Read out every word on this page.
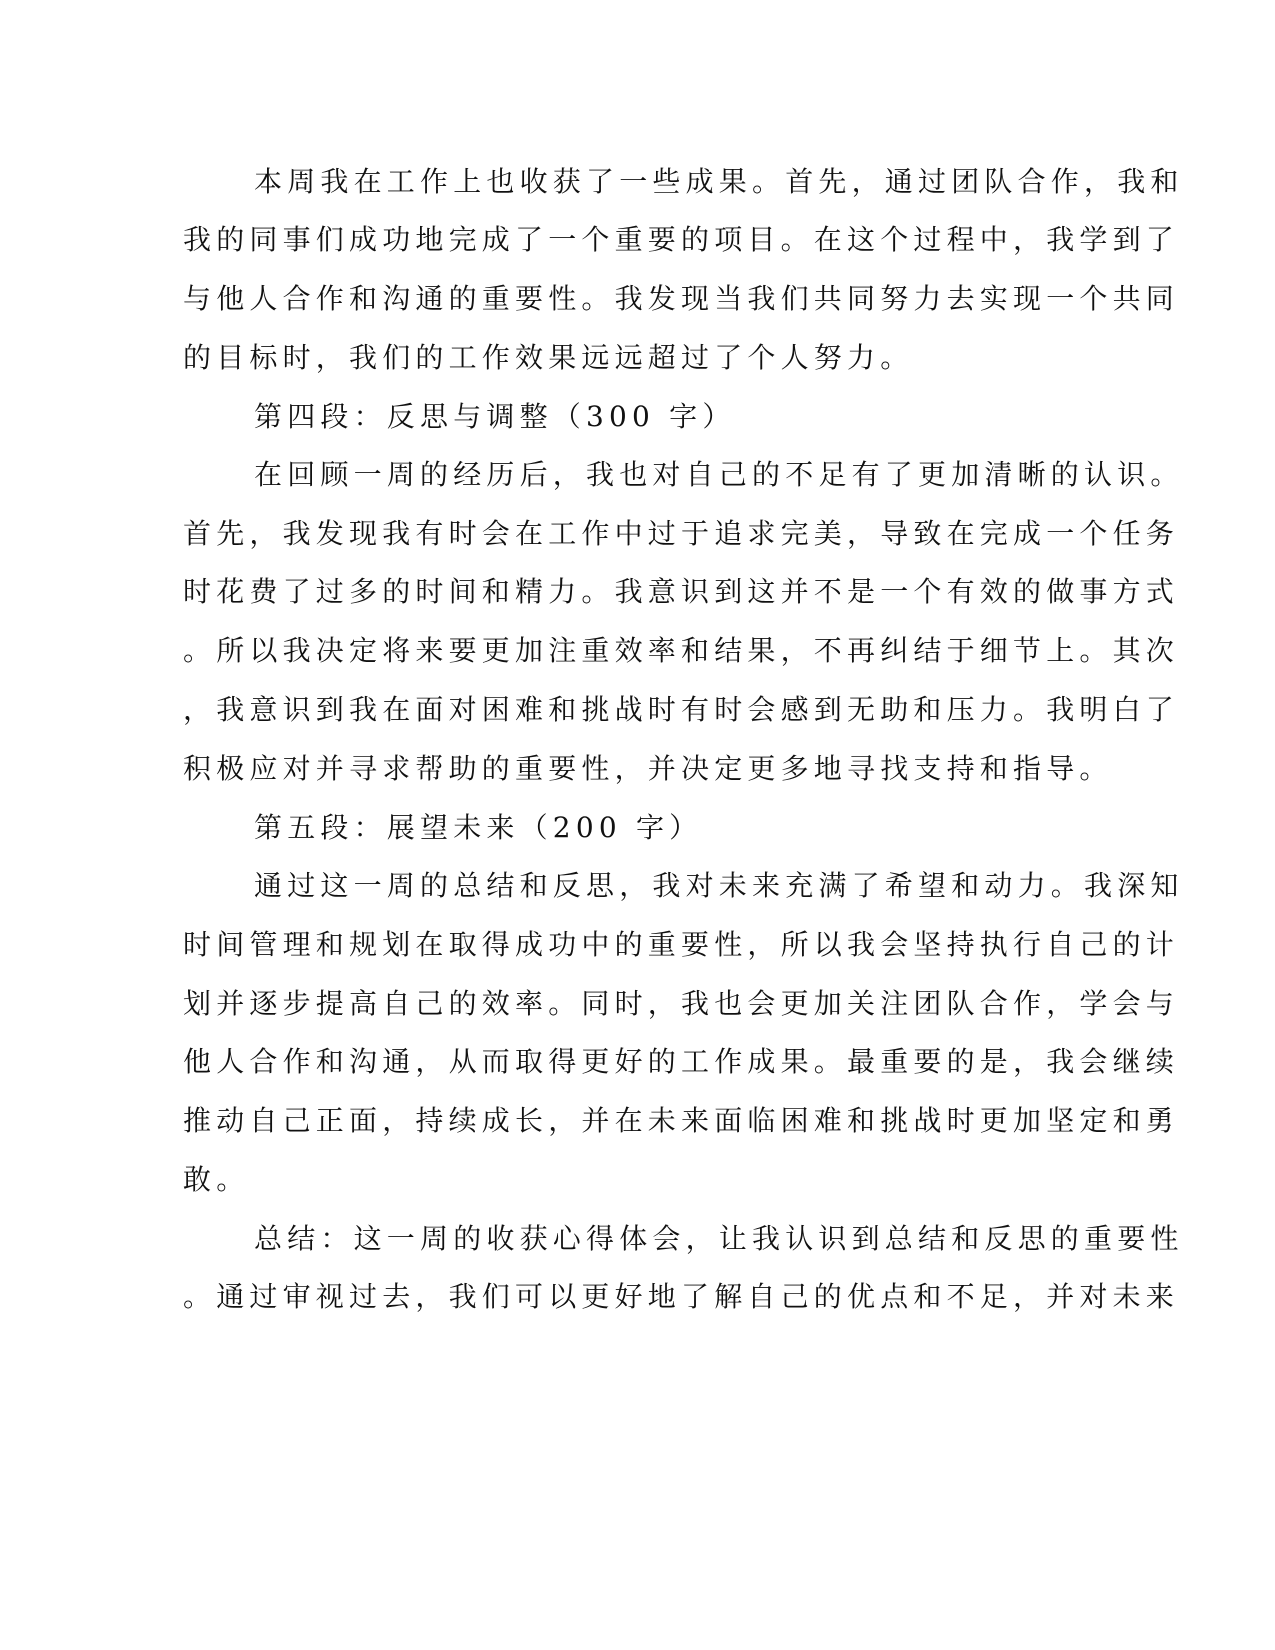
本周我在工作上也收获了一些成果。首先，通过团队合作，我和

我的同事们成功地完成了一个重要的项目。在这个过程中，我学到了

与他人合作和沟通的重要性。我发现当我们共同努力去实现一个共同

的目标时，我们的工作效果远远超过了个人努力。

第四段：反思与调整（300 字）

在回顾一周的经历后，我也对自己的不足有了更加清晰的认识。

首先，我发现我有时会在工作中过于追求完美，导致在完成一个任务

时花费了过多的时间和精力。我意识到这并不是一个有效的做事方式

。所以我决定将来要更加注重效率和结果，不再纠结于细节上。其次

，我意识到我在面对困难和挑战时有时会感到无助和压力。我明白了

积极应对并寻求帮助的重要性，并决定更多地寻找支持和指导。

第五段：展望未来（200 字）

通过这一周的总结和反思，我对未来充满了希望和动力。我深知

时间管理和规划在取得成功中的重要性，所以我会坚持执行自己的计

划并逐步提高自己的效率。同时，我也会更加关注团队合作，学会与

他人合作和沟通，从而取得更好的工作成果。最重要的是，我会继续

推动自己正面，持续成长，并在未来面临困难和挑战时更加坚定和勇

敢。

总结：这一周的收获心得体会，让我认识到总结和反思的重要性

。通过审视过去，我们可以更好地了解自己的优点和不足，并对未来
